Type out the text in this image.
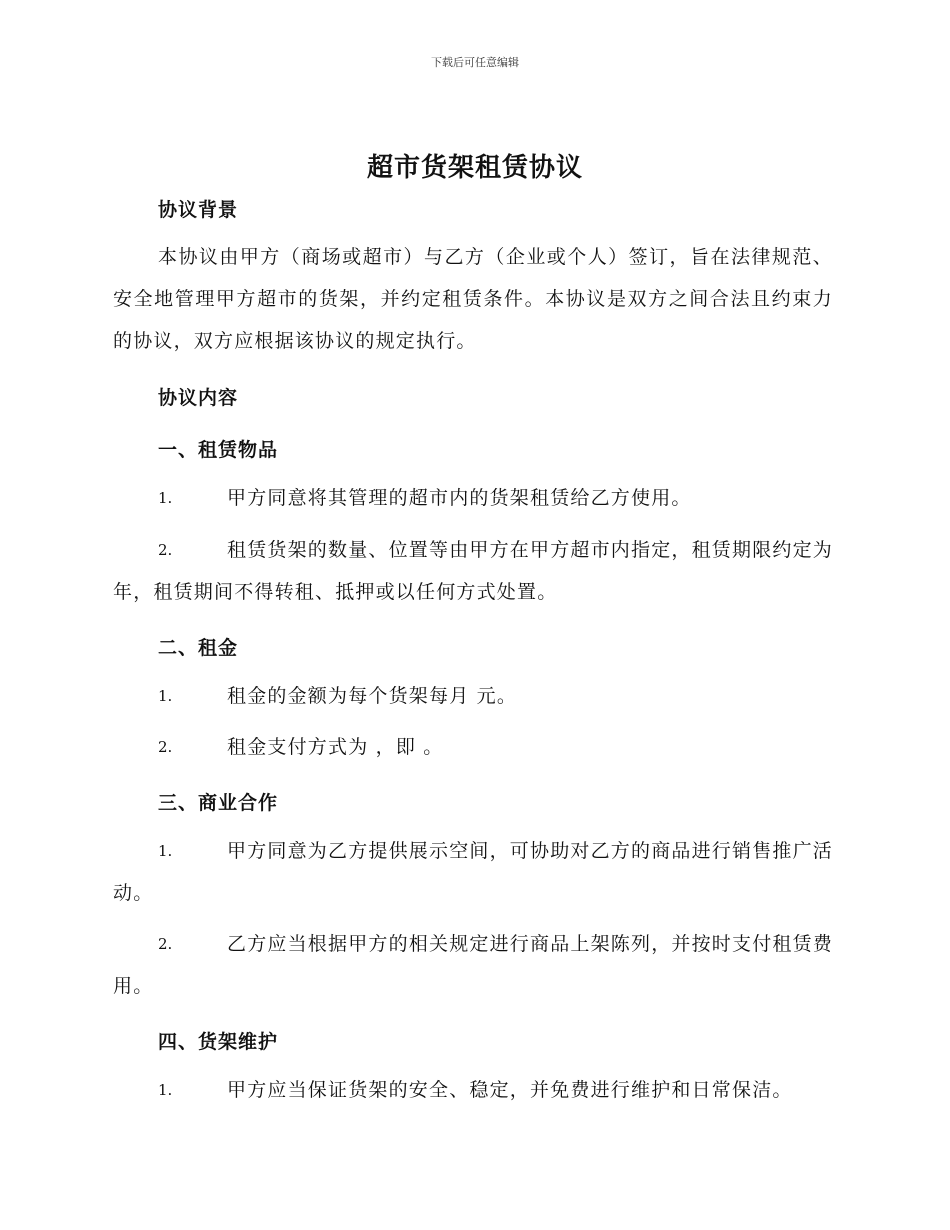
下载后可任意编辑
超市货架租赁协议
协议背景
本协议由甲方（商场或超市）与乙方（企业或个人）签订，旨在法律规范、安全地管理甲方超市的货架，并约定租赁条件。本协议是双方之间合法且约束力的协议，双方应根据该协议的规定执行。
协议内容
一、租赁物品
1.	甲方同意将其管理的超市内的货架租赁给乙方使用。
2.	租赁货架的数量、位置等由甲方在甲方超市内指定，租赁期限约定为 年，租赁期间不得转租、抵押或以任何方式处置。
二、租金
1.	租金的金额为每个货架每月 元。
2.	租金支付方式为 ，即 。
三、商业合作
1.	甲方同意为乙方提供展示空间，可协助对乙方的商品进行销售推广活动。
2.	乙方应当根据甲方的相关规定进行商品上架陈列，并按时支付租赁费用。
四、货架维护
1.	甲方应当保证货架的安全、稳定，并免费进行维护和日常保洁。
